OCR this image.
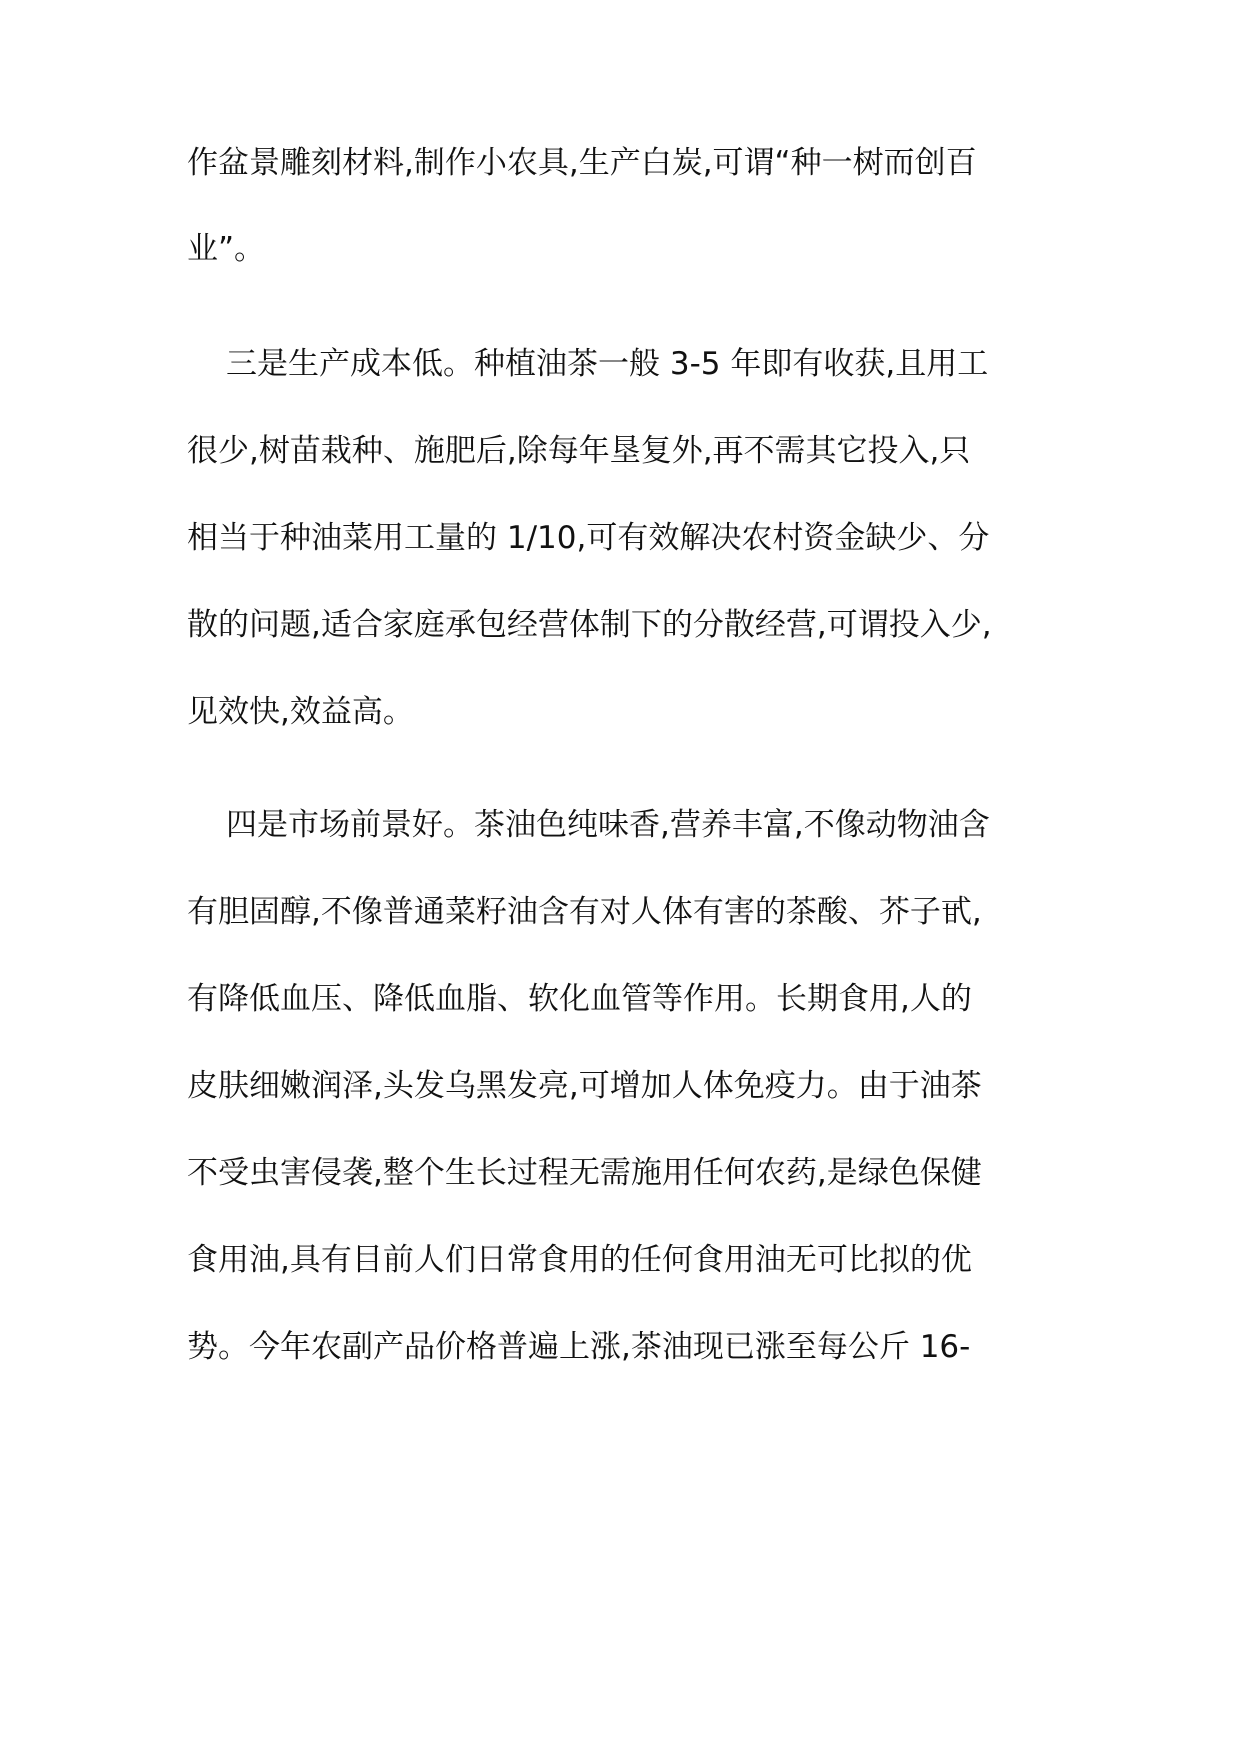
作盆景雕刻材料,制作小农具,生产白炭,可谓“种一树而创百
业”。
三是生产成本低。种植油茶一般 3-5 年即有收获,且用工
很少,树苗栽种、施肥后,除每年垦复外,再不需其它投入,只
相当于种油菜用工量的 1/10,可有效解决农村资金缺少、分
散的问题,适合家庭承包经营体制下的分散经营,可谓投入少,
见效快,效益高。
四是市场前景好。茶油色纯味香,营养丰富,不像动物油含
有胆固醇,不像普通菜籽油含有对人体有害的茶酸、芥子甙,
有降低血压、降低血脂、软化血管等作用。长期食用,人的
皮肤细嫩润泽,头发乌黑发亮,可增加人体免疫力。由于油茶
不受虫害侵袭,整个生长过程无需施用任何农药,是绿色保健
食用油,具有目前人们日常食用的任何食用油无可比拟的优
势。今年农副产品价格普遍上涨,茶油现已涨至每公斤 16-
